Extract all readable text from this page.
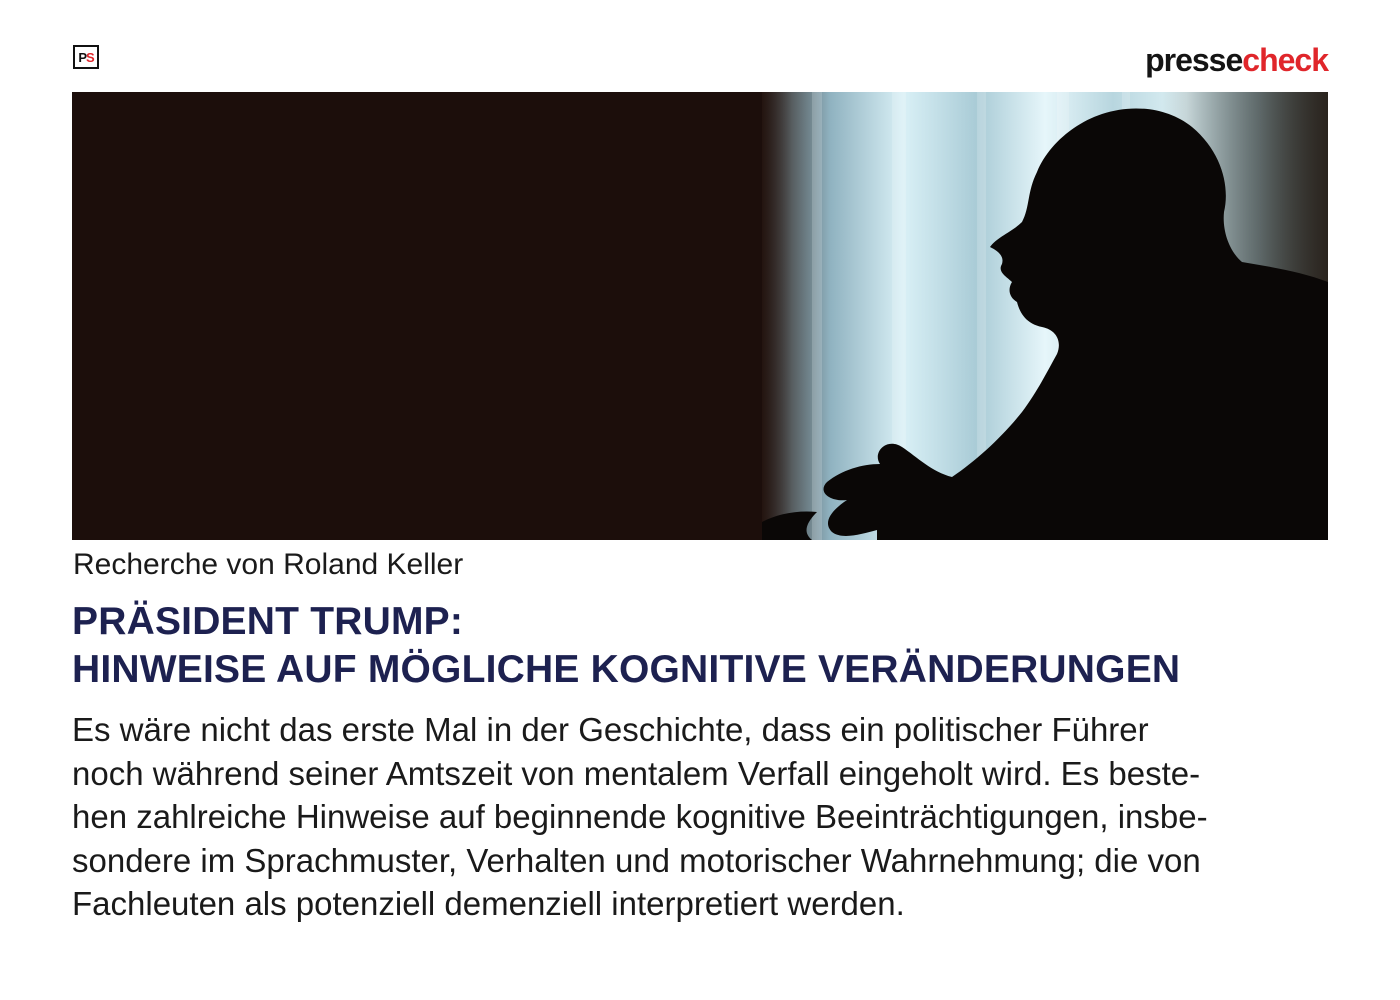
P S	pressecheck
Recherche von Roland Keller
PRÄSIDENT TRUMP:
HINWEISE AUF MÖGLICHE KOGNITIVE VERÄNDERUNGEN

Es wäre nicht das erste Mal in der Geschichte, dass ein politischer Führer
noch während seiner Amtszeit von mentalem Verfall eingeholt wird. Es beste-
hen zahlreiche Hinweise auf beginnende kognitive Beeinträchtigungen, insbe-
sondere im Sprachmuster, Verhalten und motorischer Wahrnehmung; die von
Fachleuten als potenziell demenziell interpretiert werden.
